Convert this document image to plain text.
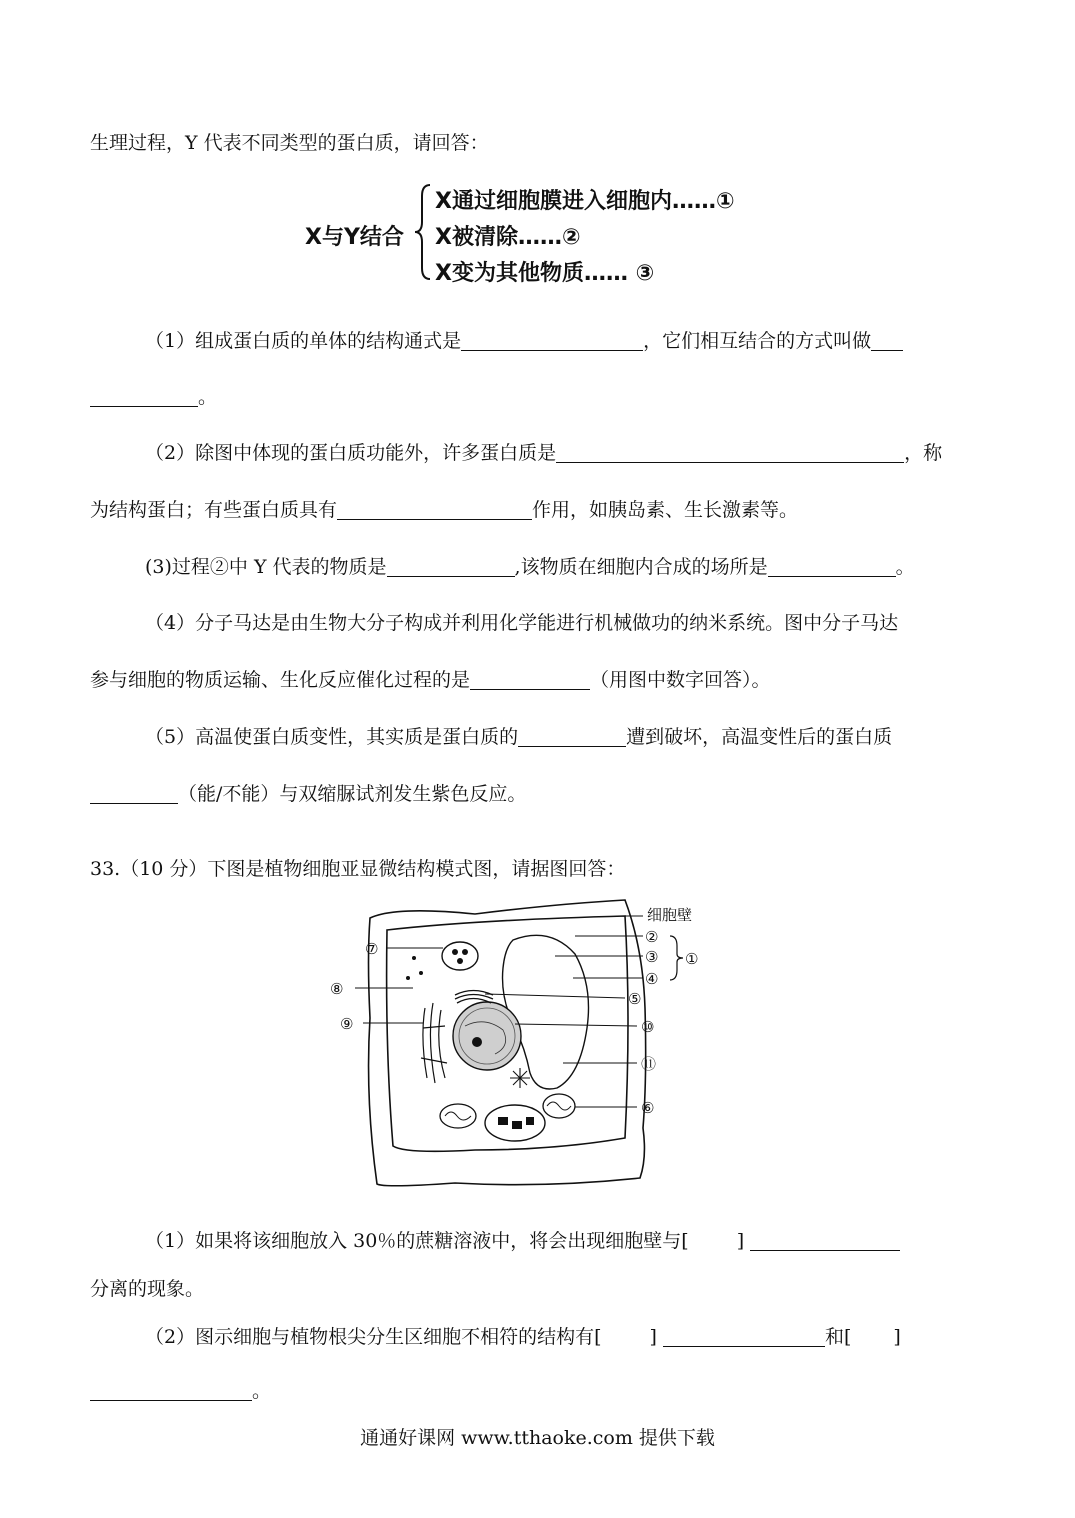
生理过程，Y 代表不同类型的蛋白质，请回答：
X与Y结合
X通过细胞膜进入细胞内……①
X被清除……②
X变为其他物质…… ③
（1）组成蛋白质的单体的结构通式是	，它们相互结合的方式叫做
。
（2）除图中体现的蛋白质功能外，许多蛋白质是	，称
为结构蛋白；有些蛋白质具有	作用，如胰岛素、生长激素等。
(3)过程②中 Y 代表的物质是	,该物质在细胞内合成的场所是	。
（4）分子马达是由生物大分子构成并利用化学能进行机械做功的纳米系统。图中分子马达
参与细胞的物质运输、生化反应催化过程的是	（用图中数字回答）。
（5）高温使蛋白质变性，其实质是蛋白质的	遭到破坏，高温变性后的蛋白质
（能/不能）与双缩脲试剂发生紫色反应。
33.（10 分）下图是植物细胞亚显微结构模式图，请据图回答：
细胞壁
②
③
④
①
⑤
⑩
⑪
⑥
⑦
⑧
⑨
（1）如果将该细胞放入 30％的蔗糖溶液中，将会出现细胞壁与[	]
分离的现象。
（2）图示细胞与植物根尖分生区细胞不相符的结构有[	]	和[ ]
。
通通好课网 www.tthaoke.com 提供下载
